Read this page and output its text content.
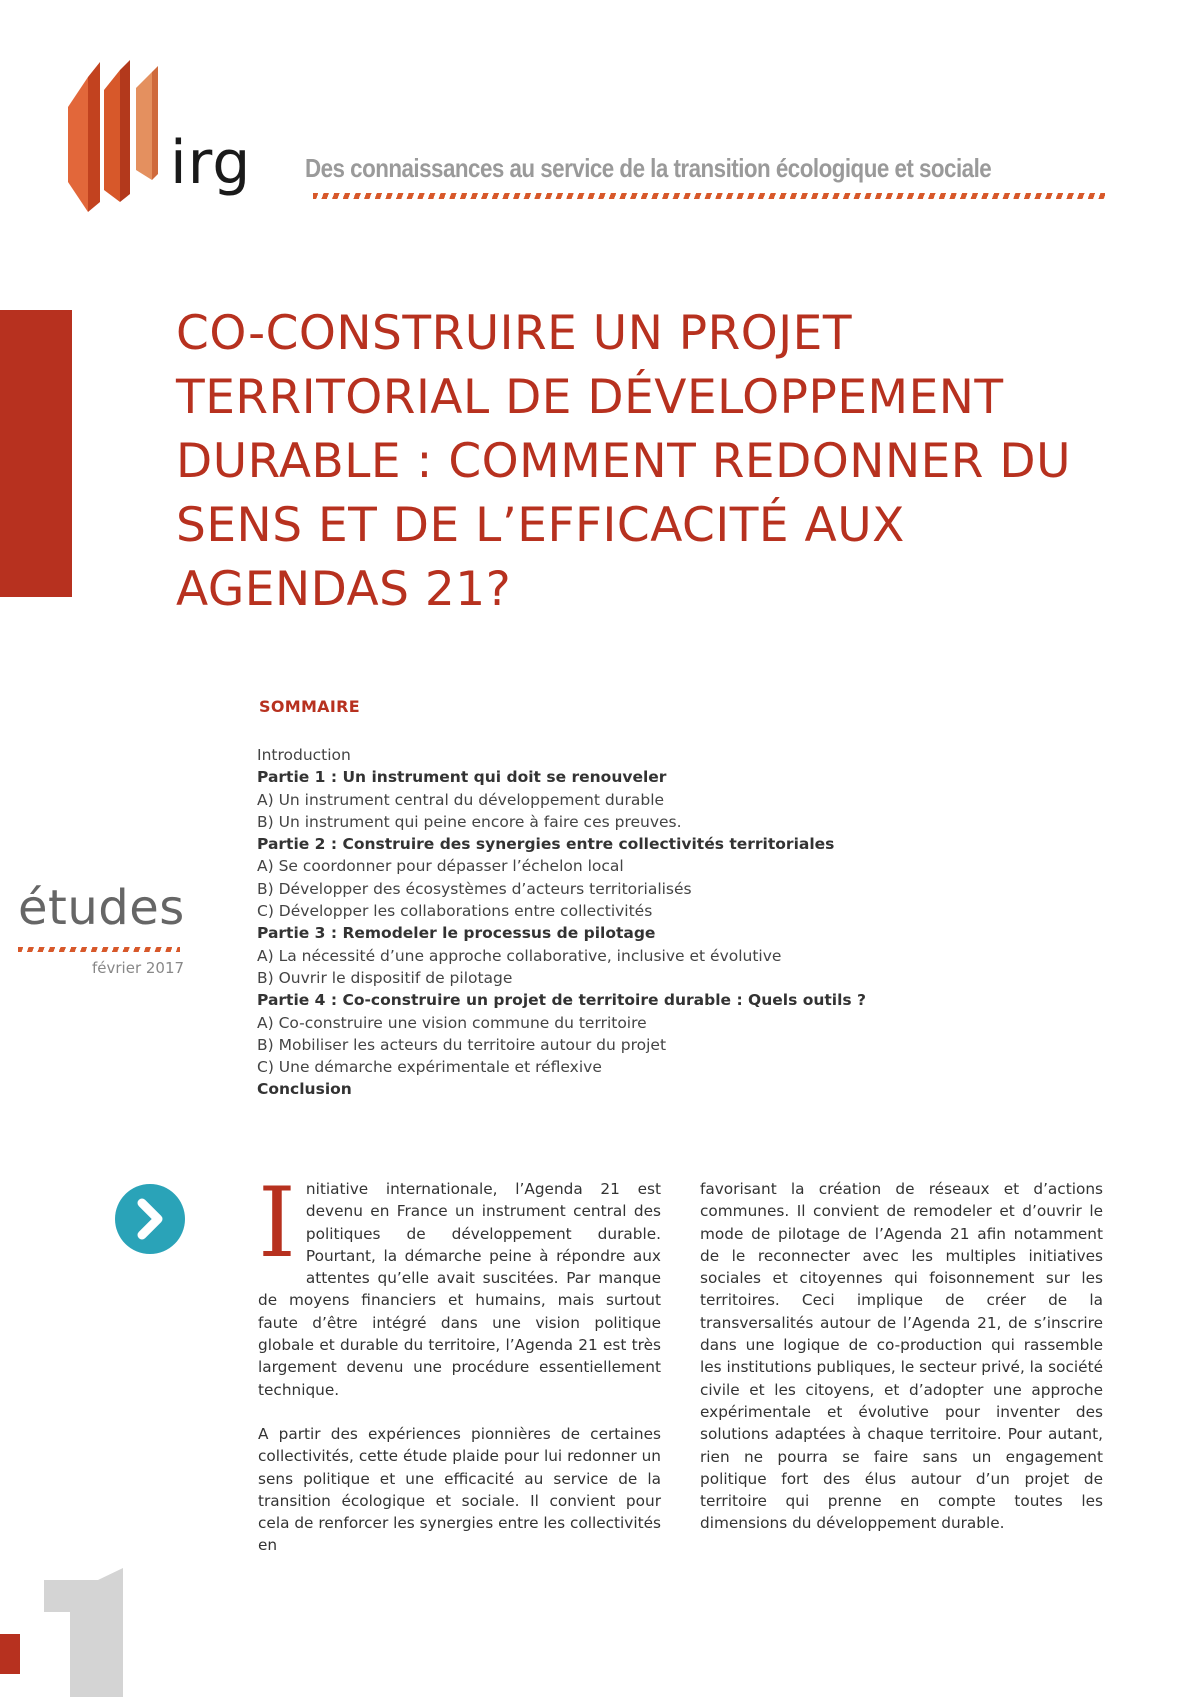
irg Des connaissances au service de la transition écologique et sociale
CO-CONSTRUIRE UN PROJET TERRITORIAL DE DÉVELOPPEMENT DURABLE : COMMENT REDONNER DU SENS ET DE L’EFFICACITÉ AUX AGENDAS 21?
SOMMAIRE
Introduction
Partie 1 : Un instrument qui doit se renouveler
A) Un instrument central du développement durable
B) Un instrument qui peine encore à faire ces preuves.
Partie 2 : Construire des synergies entre collectivités territoriales
A) Se coordonner pour dépasser l’échelon local
B) Développer des écosystèmes d’acteurs territorialisés
C) Développer les collaborations entre collectivités
Partie 3 : Remodeler le processus de pilotage
A) La nécessité d’une approche collaborative, inclusive et évolutive
B) Ouvrir le dispositif de pilotage
Partie 4 : Co-construire un projet de territoire durable : Quels outils ?
A) Co-construire une vision commune du territoire
B) Mobiliser les acteurs du territoire autour du projet
C) Une démarche expérimentale et réflexive
Conclusion
études
février 2017

Initiative internationale, l’Agenda 21 est devenu en France un instrument central des politiques de développement durable. Pourtant, la démarche peine à répondre aux attentes qu’elle avait suscitées. Par manque de moyens financiers et humains, mais surtout faute d’être intégré dans une vision politique globale et durable du territoire, l’Agenda 21 est très largement devenu une procédure essentiellement technique.

A partir des expériences pionnières de certaines collectivités, cette étude plaide pour lui redonner un sens politique et une efficacité au service de la transition écologique et sociale. Il convient pour cela de renforcer les synergies entre les collectivités en

favorisant la création de réseaux et d’actions communes. Il convient de remodeler et d’ouvrir le mode de pilotage de l’Agenda 21 afin notamment de le reconnecter avec les multiples initiatives sociales et citoyennes qui foisonnement sur les territoires. Ceci implique de créer de la transversalités autour de l’Agenda 21, de s’inscrire dans une logique de co-production qui rassemble les institutions publiques, le secteur privé, la société civile et les citoyens, et d’adopter une approche expérimentale et évolutive pour inventer des solutions adaptées à chaque territoire. Pour autant, rien ne pourra se faire sans un engagement politique fort des élus autour d’un projet de territoire qui prenne en compte toutes les dimensions du développement durable.
